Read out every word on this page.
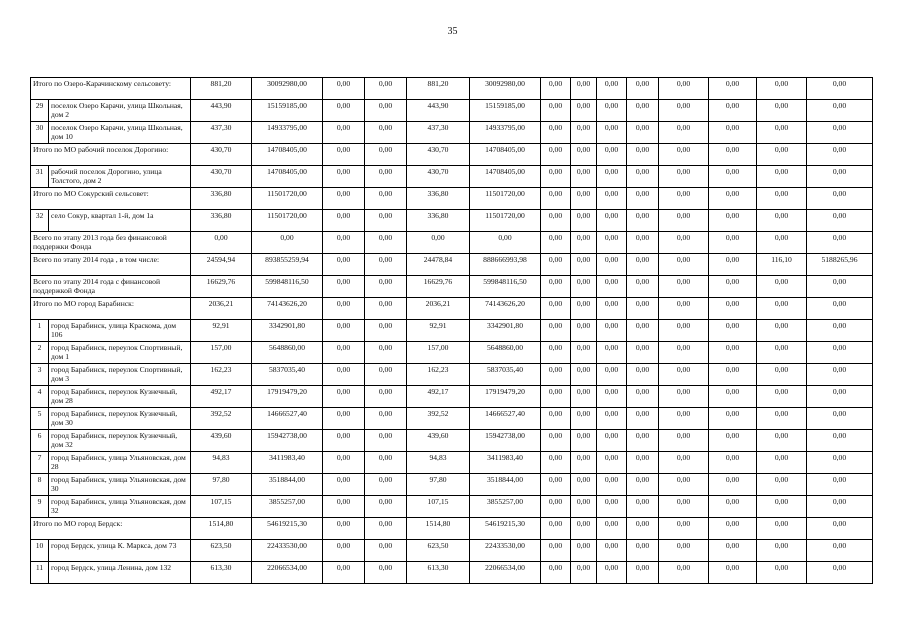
35
Итого по Озеро-Карачинскому сельсовету:		881,20	30092980,00	0,00	0,00	881,20	30092980,00	0,00	0,00	0,00	0,00	0,00	0,00	0,00	0,00
29	поселок Озеро Карачи, улица Школьная, дом 2	443,90	15159185,00	0,00	0,00	443,90	15159185,00	0,00	0,00	0,00	0,00	0,00	0,00	0,00	0,00
30	поселок Озеро Карачи, улица Школьная, дом 10	437,30	14933795,00	0,00	0,00	437,30	14933795,00	0,00	0,00	0,00	0,00	0,00	0,00	0,00	0,00
Итого по МО рабочий поселок Дорогино:		430,70	14708405,00	0,00	0,00	430,70	14708405,00	0,00	0,00	0,00	0,00	0,00	0,00	0,00	0,00
31	рабочий поселок Дорогино, улица Толстого, дом 2	430,70	14708405,00	0,00	0,00	430,70	14708405,00	0,00	0,00	0,00	0,00	0,00	0,00	0,00	0,00
Итого по МО Сокурский сельсовет:		336,80	11501720,00	0,00	0,00	336,80	11501720,00	0,00	0,00	0,00	0,00	0,00	0,00	0,00	0,00
32	село Сокур, квартал 1-й, дом 1а	336,80	11501720,00	0,00	0,00	336,80	11501720,00	0,00	0,00	0,00	0,00	0,00	0,00	0,00	0,00
Всего по этапу 2013 года без финансовой поддержки Фонда		0,00	0,00	0,00	0,00	0,00	0,00	0,00	0,00	0,00	0,00	0,00	0,00	0,00	0,00
Всего по этапу 2014 года , в том числе:		24594,94	893855259,94	0,00	0,00	24478,84	888666993,98	0,00	0,00	0,00	0,00	0,00	0,00	116,10	5188265,96
Всего по этапу 2014 года с финансовой поддержкой Фонда		16629,76	599848116,50	0,00	0,00	16629,76	599848116,50	0,00	0,00	0,00	0,00	0,00	0,00	0,00	0,00
Итого по МО город Барабинск:		2036,21	74143626,20	0,00	0,00	2036,21	74143626,20	0,00	0,00	0,00	0,00	0,00	0,00	0,00	0,00
1	город Барабинск, улица Краскома, дом 106	92,91	3342901,80	0,00	0,00	92,91	3342901,80	0,00	0,00	0,00	0,00	0,00	0,00	0,00	0,00
2	город Барабинск, переулок Спортивный, дом 1	157,00	5648860,00	0,00	0,00	157,00	5648860,00	0,00	0,00	0,00	0,00	0,00	0,00	0,00	0,00
3	город Барабинск, переулок Спортивный, дом 3	162,23	5837035,40	0,00	0,00	162,23	5837035,40	0,00	0,00	0,00	0,00	0,00	0,00	0,00	0,00
4	город Барабинск, переулок Кузнечный, дом 28	492,17	17919479,20	0,00	0,00	492,17	17919479,20	0,00	0,00	0,00	0,00	0,00	0,00	0,00	0,00
5	город Барабинск, переулок Кузнечный, дом 30	392,52	14666527,40	0,00	0,00	392,52	14666527,40	0,00	0,00	0,00	0,00	0,00	0,00	0,00	0,00
6	город Барабинск, переулок Кузнечный, дом 32	439,60	15942738,00	0,00	0,00	439,60	15942738,00	0,00	0,00	0,00	0,00	0,00	0,00	0,00	0,00
7	город Барабинск, улица Ульяновская, дом 28	94,83	3411983,40	0,00	0,00	94,83	3411983,40	0,00	0,00	0,00	0,00	0,00	0,00	0,00	0,00
8	город Барабинск, улица Ульяновская, дом 30	97,80	3518844,00	0,00	0,00	97,80	3518844,00	0,00	0,00	0,00	0,00	0,00	0,00	0,00	0,00
9	город Барабинск, улица Ульяновская, дом 32	107,15	3855257,00	0,00	0,00	107,15	3855257,00	0,00	0,00	0,00	0,00	0,00	0,00	0,00	0,00
Итого по МО город Бердск:		1514,80	54619215,30	0,00	0,00	1514,80	54619215,30	0,00	0,00	0,00	0,00	0,00	0,00	0,00	0,00
10	город Бердск, улица К. Маркса, дом 73	623,50	22433530,00	0,00	0,00	623,50	22433530,00	0,00	0,00	0,00	0,00	0,00	0,00	0,00	0,00
11	город Бердск, улица Ленина, дом 132	613,30	22066534,00	0,00	0,00	613,30	22066534,00	0,00	0,00	0,00	0,00	0,00	0,00	0,00	0,00
